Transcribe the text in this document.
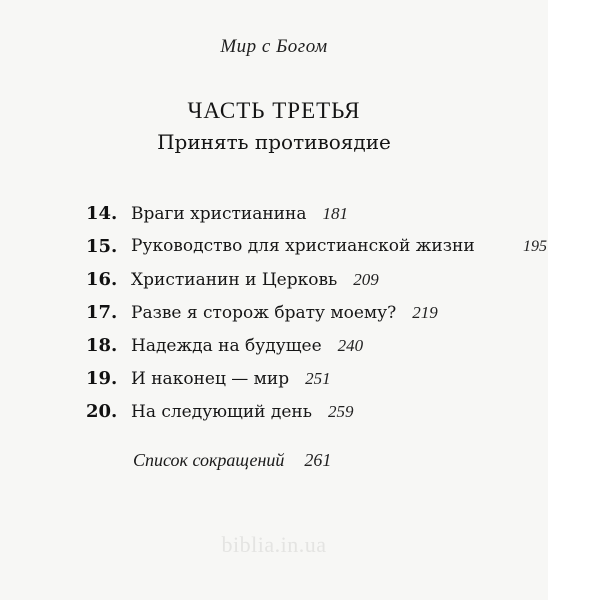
Мир с Богом
ЧАСТЬ ТРЕТЬЯ
Принять противоядие
14. Враги христианина 181
15. Руководство для христианской жизни	195
16. Христианин и Церковь 209
17. Разве я сторож брату моему? 219
18. Надежда на будущее 240
19. И наконец — мир 251
20. На следующий день 259
Список сокращений 261
biblia.in.ua
